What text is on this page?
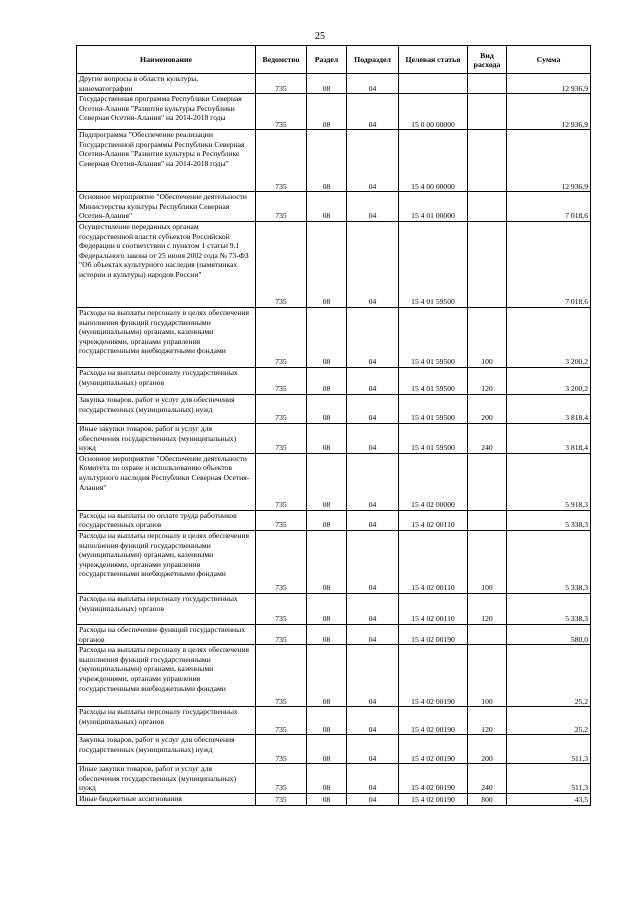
25
Наименование	Ведомство	Раздел	Подраздел	Целевая статья	Вид расхода	Сумма
Другие вопросы в области культуры, кинематографии	735	08	04			12 936,9
Государственная программа Республики Северная Осетия-Алания "Развитие культуры Республики Северная Осетия-Алания" на 2014-2018 годы	735	08	04	15 0 00 00000		12 936,9
Подпрограмма "Обеспечение реализации Государственной программы Республики Северная Осетия-Алания "Развитие культуры в Республике Северная Осетия-Алания" на 2014-2018 годы"	735	08	04	15 4 00 00000		12 936,9
Основное мероприятие "Обеспечение деятельности Министерства культуры Республики Северная Осетия-Алания"	735	08	04	15 4 01 00000		7 018,6
Осуществление переданных органам государственной власти субъектов Российской Федерации в соответствии с пунктом 1 статьи 9.1 Федерального закона от 25 июня 2002 года № 73-ФЗ "Об объектах культурного наследия (памятниках истории и культуры) народов России"	735	08	04	15 4 01 59500		7 018,6
Расходы на выплаты персоналу в целях обеспечения выполнения функций государственными (муниципальными) органами, казенными учреждениями, органами управления государственными внебюджетными фондами	735	08	04	15 4 01 59500	100	3 200,2
Расходы на выплаты персоналу государственных (муниципальных) органов	735	08	04	15 4 01 59500	120	3 200,2
Закупка товаров, работ и услуг для обеспечения государственных (муниципальных) нужд	735	08	04	15 4 01 59500	200	3 818,4
Иные закупки товаров, работ и услуг для обеспечения государственных (муниципальных) нужд	735	08	04	15 4 01 59500	240	3 818,4
Основное мероприятие "Обеспечение деятельности Комитета по охране и использованию объектов культурного наследия Республики Северная Осетия-Алания"	735	08	04	15 4 02 00000		5 918,3
Расходы на выплаты по оплате труда работников государственных органов	735	08	04	15 4 02 00110		5 338,3
Расходы на выплаты персоналу в целях обеспечения выполнения функций государственными (муниципальными) органами, казенными учреждениями, органами управления государственными внебюджетными фондами	735	08	04	15 4 02 00110	100	5 338,3
Расходы на выплаты персоналу государственных (муниципальных) органов	735	08	04	15 4 02 00110	120	5 338,3
Расходы на обеспечение функций государственных органов	735	08	04	15 4 02 00190		580,0
Расходы на выплаты персоналу в целях обеспечения выполнения функций государственными (муниципальными) органами, казенными учреждениями, органами управления государственными внебюджетными фондами	735	08	04	15 4 02 00190	100	25,2
Расходы на выплаты персоналу государственных (муниципальных) органов	735	08	04	15 4 02 00190	120	25,2
Закупка товаров, работ и услуг для обеспечения государственных (муниципальных) нужд	735	08	04	15 4 02 00190	200	511,3
Иные закупки товаров, работ и услуг для обеспечения государственных (муниципальных) нужд	735	08	04	15 4 02 00190	240	511,3
Иные бюджетные ассигнования	735	08	04	15 4 02 00190	800	43,5
